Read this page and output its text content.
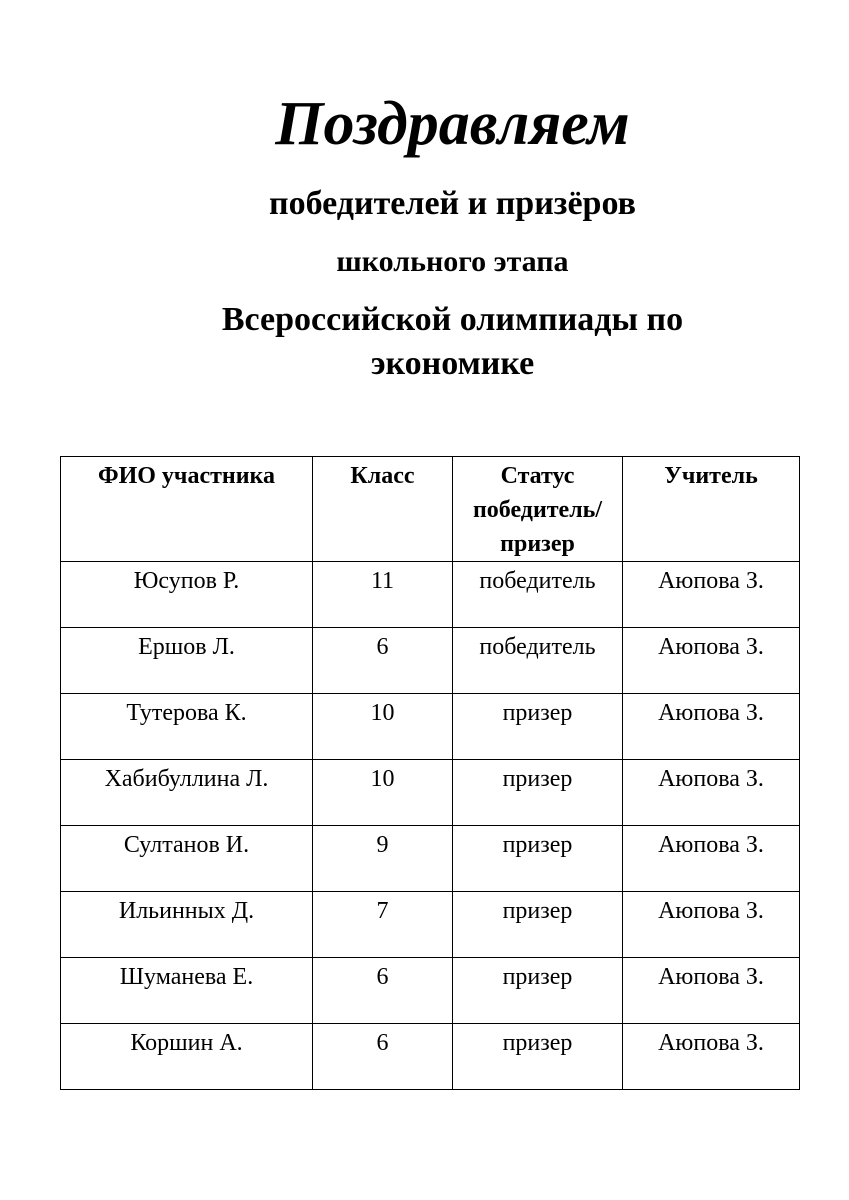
Поздравляем

победителей и призёров

школьного этапа

Всероссийской олимпиады по

экономике

ФИО участника	Класс	Статус
победитель/
призер	Учитель
Юсупов Р.	11	победитель	Аюпова З.
Ершов Л.	6	победитель	Аюпова З.
Тутерова К.	10	призер	Аюпова З.
Хабибуллина Л.	10	призер	Аюпова З.
Султанов И.	9	призер	Аюпова З.
Ильинных Д.	7	призер	Аюпова З.
Шуманева Е.	6	призер	Аюпова З.
Коршин А.	6	призер	Аюпова З.
